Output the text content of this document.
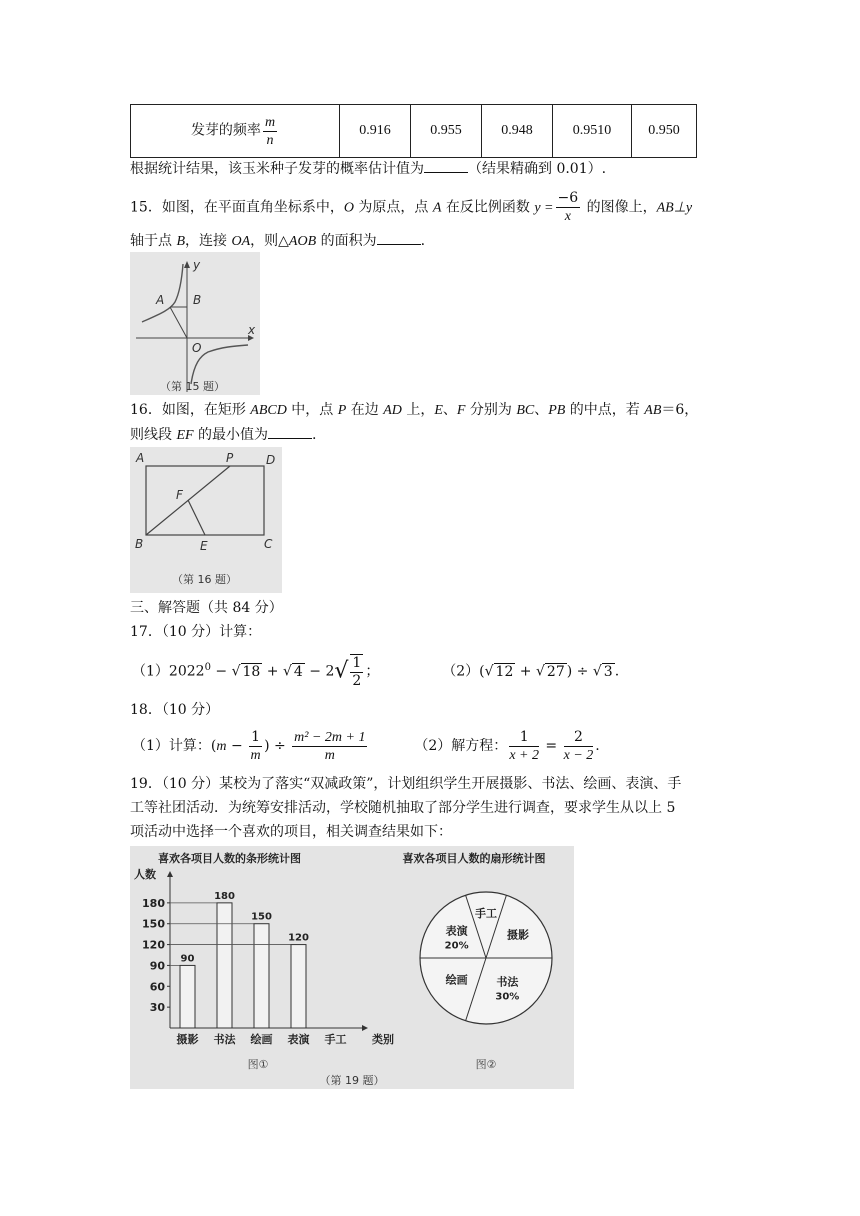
发芽的频率 $\frac{m}{n}$	0.916	0.955	0.948	0.9510	0.950
根据统计结果，该玉米种子发芽的概率估计值为	（结果精确到 0.01）.
15．如图，在平面直角坐标系中，O 为原点，点 A 在反比例函数 $y = \frac{-6}{x}$ 的图像上，AB⊥y
轴于点 B，连接 OA，则△AOB 的面积为	.
y
x
A B
O
（第 15 题）
16．如图，在矩形 ABCD 中，点 P 在边 AD 上，E、F 分别为 BC、PB 的中点，若 AB＝6，
则线段 EF 的最小值为	.
A	P	D
F
B	E	C
（第 16 题）
三、解答题（共 84 分）
17．（10 分）计算：
$(1)2022^0$ − √ 18 + √ $4 - 2√ \frac{1}{2}$ ；	（2）(√ 12 + √ 27 ) ÷ √ 3 .
18．（10 分）
（1）计算：($m - \frac{1}{m}$ ) ÷ $\frac{\text{m² − 2m + 1}}{m}$	（2）解方程： $\frac{1}{x + 2} = \frac{2}{x - 2}$ .
19．（10 分）某校为了落实“双减政策”，计划组织学生开展摄影、书法、绘画、表演、手
工等社团活动．为统筹安排活动，学校随机抽取了部分学生进行调查，要求学生从以上 5
项活动中选择一个喜欢的项目，相关调查结果如下：
喜欢各项目人数的条形统计图
人数
30
60
90
120
150
180
90
摄影
180
书法
150
绘画
120
表演 手工 类别
图①
喜欢各项目人数的扇形统计图
手工
摄影
书法
30%
绘画
表演
20%
图②
（第 19 题）
